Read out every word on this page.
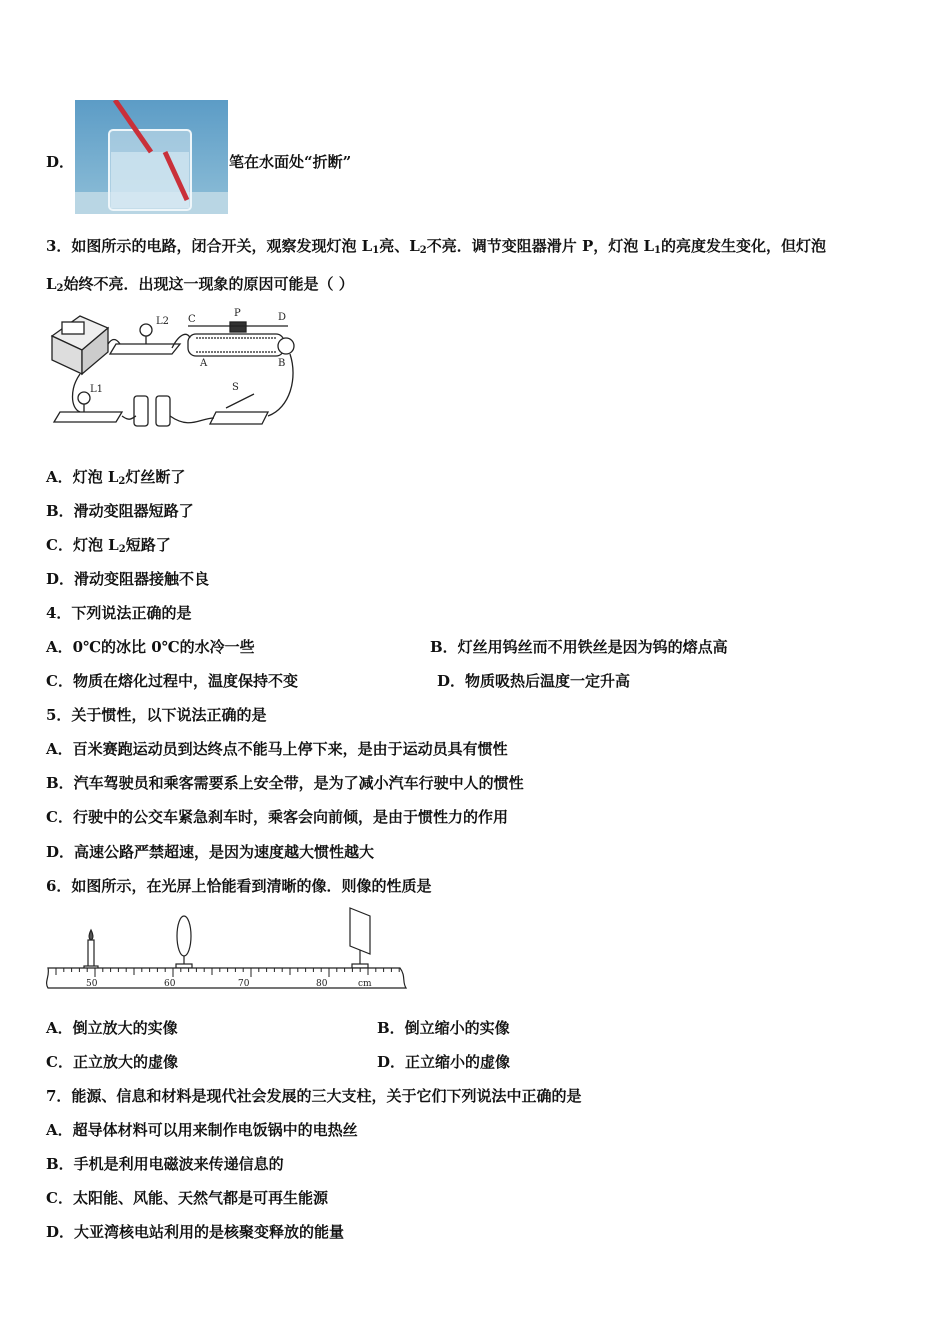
D．	笔在水面处“折断”
3．如图所示的电路，闭合开关，观察发现灯泡 $L_1$亮、$L_2$不亮．调节变阻器滑片 P，灯泡 $L_1$的亮度发生变化，但灯泡
$L_2$始终不亮．出现这一现象的原因可能是（ ）
L2 C
P	D
A	B
L1	S
A．灯泡 $L_2$灯丝断了
B．滑动变阻器短路了
C．灯泡 $L_2$短路了
D．滑动变阻器接触不良
4．下列说法正确的是
A．0℃的冰比 0℃的水冷一些	B．灯丝用钨丝而不用铁丝是因为钨的熔点高
C．物质在熔化过程中，温度保持不变	D．物质吸热后温度一定升高
5．关于惯性，以下说法正确的是
A．百米赛跑运动员到达终点不能马上停下来，是由于运动员具有惯性
B．汽车驾驶员和乘客需要系上安全带，是为了减小汽车行驶中人的惯性
C．行驶中的公交车紧急刹车时，乘客会向前倾，是由于惯性力的作用
D．高速公路严禁超速，是因为速度越大惯性越大
6．如图所示，在光屏上恰能看到清晰的像．则像的性质是
50	60	70	80	cm
A．倒立放大的实像	B．倒立缩小的实像
C．正立放大的虚像	D．正立缩小的虚像
7．能源、信息和材料是现代社会发展的三大支柱，关于它们下列说法中正确的是
A．超导体材料可以用来制作电饭锅中的电热丝
B．手机是利用电磁波来传递信息的
C．太阳能、风能、天然气都是可再生能源
D．大亚湾核电站利用的是核聚变释放的能量
